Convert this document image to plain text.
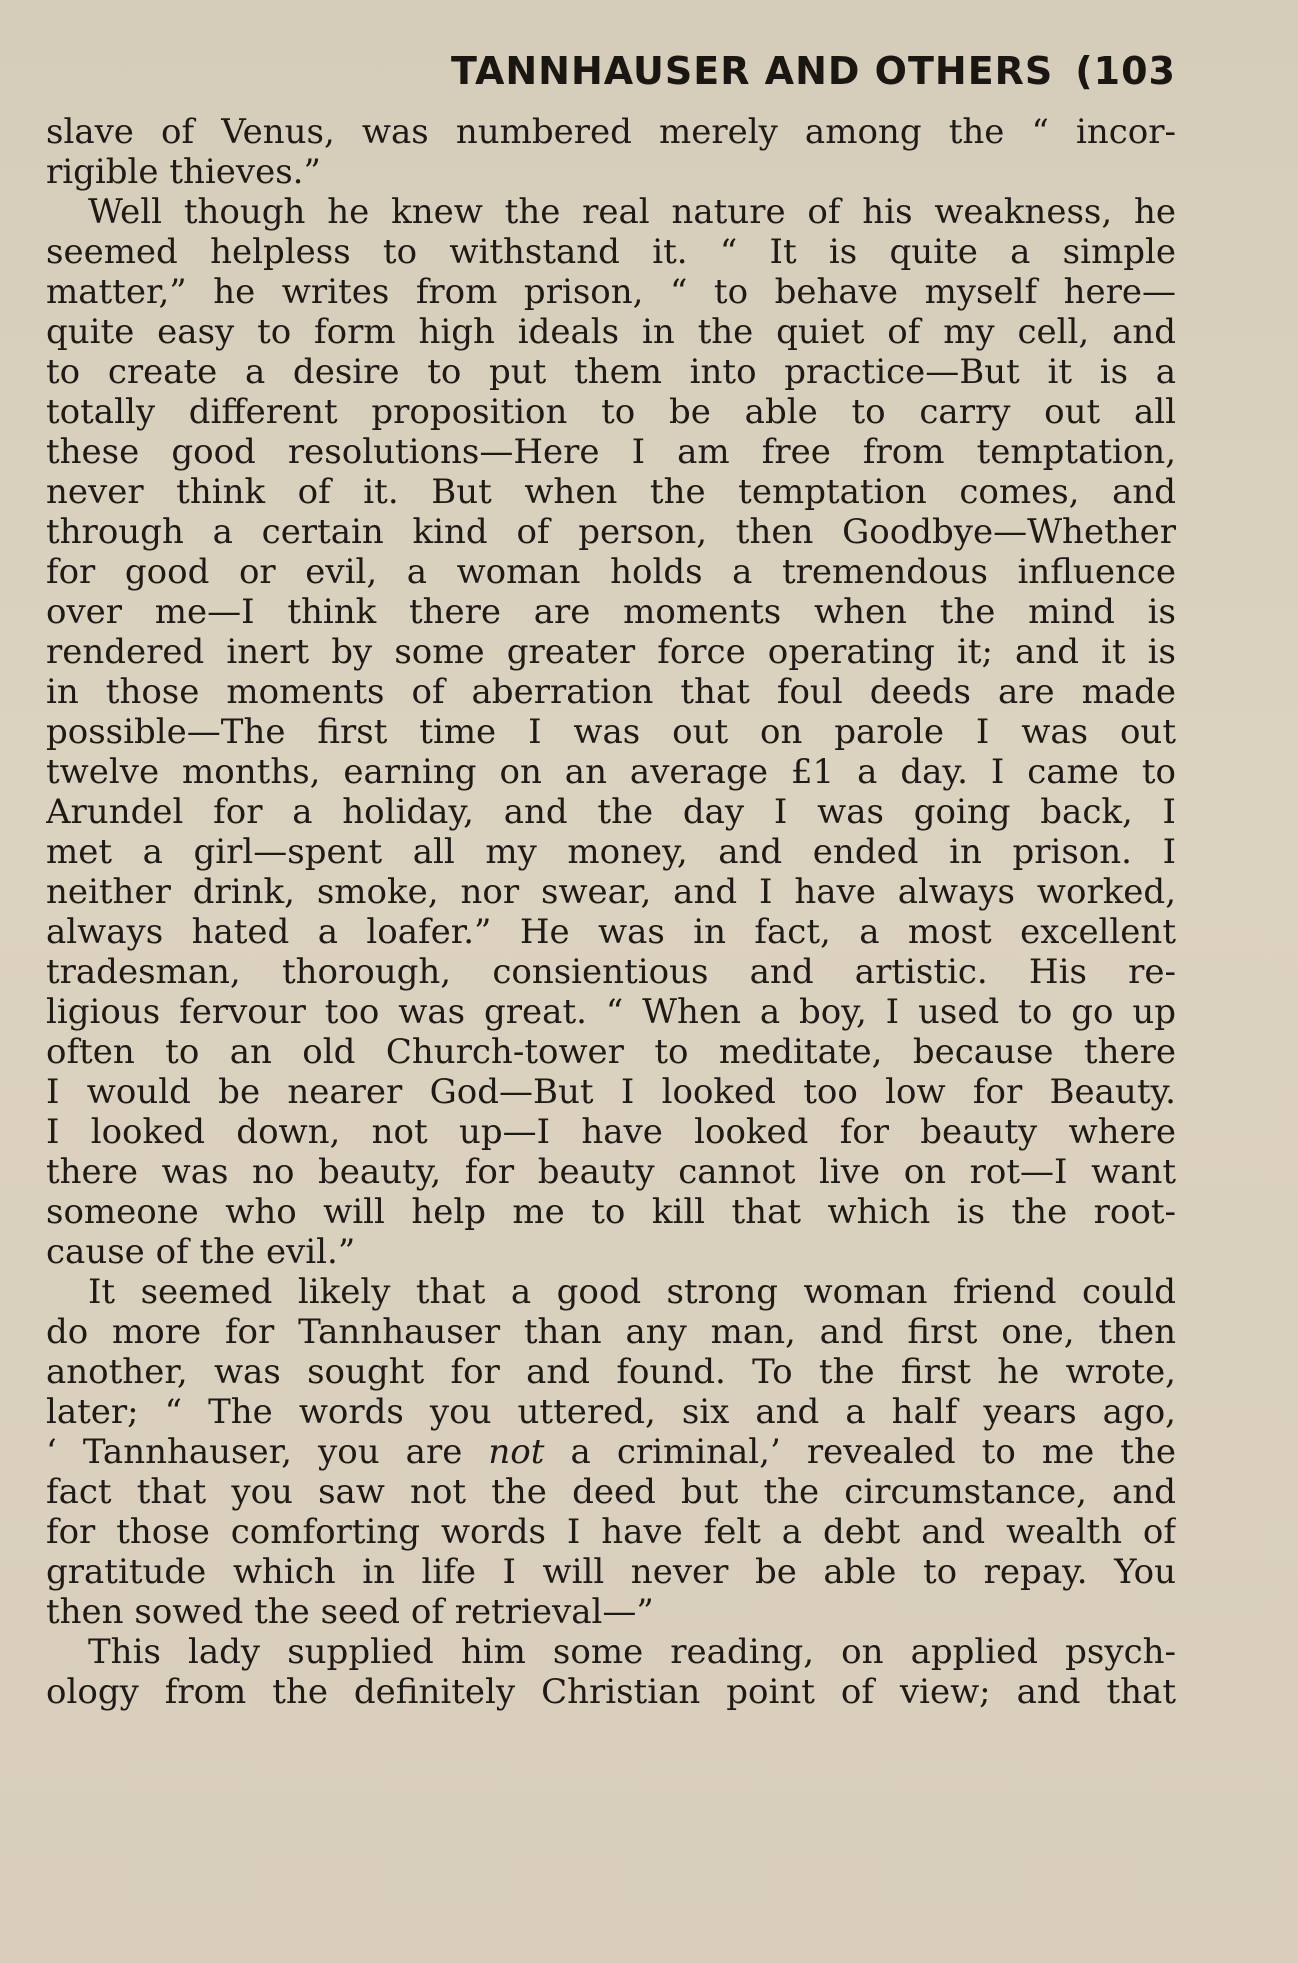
TANNHAUSER AND OTHERS (103
slave of Venus, was numbered merely among the “ incor-
rigible thieves.”
Well though he knew the real nature of his weakness, he
seemed helpless to withstand it. “ It is quite a simple
matter,” he writes from prison, “ to behave myself here—
quite easy to form high ideals in the quiet of my cell, and
to create a desire to put them into practice—But it is a
totally different proposition to be able to carry out all
these good resolutions—Here I am free from temptation,
never think of it. But when the temptation comes, and
through a certain kind of person, then Goodbye—Whether
for good or evil, a woman holds a tremendous influence
over me—I think there are moments when the mind is
rendered inert by some greater force operating it; and it is
in those moments of aberration that foul deeds are made
possible—The first time I was out on parole I was out
twelve months, earning on an average £1 a day. I came to
Arundel for a holiday, and the day I was going back, I
met a girl—spent all my money, and ended in prison. I
neither drink, smoke, nor swear, and I have always worked,
always hated a loafer.” He was in fact, a most excellent
tradesman, thorough, consientious and artistic. His re-
ligious fervour too was great. “ When a boy, I used to go up
often to an old Church-tower to meditate, because there
I would be nearer God—But I looked too low for Beauty.
I looked down, not up—I have looked for beauty where
there was no beauty, for beauty cannot live on rot—I want
someone who will help me to kill that which is the root-
cause of the evil.”
It seemed likely that a good strong woman friend could
do more for Tannhauser than any man, and first one, then
another, was sought for and found. To the first he wrote,
later; “ The words you uttered, six and a half years ago,
‘ Tannhauser, you are not a criminal,’ revealed to me the
fact that you saw not the deed but the circumstance, and
for those comforting words I have felt a debt and wealth of
gratitude which in life I will never be able to repay. You
then sowed the seed of retrieval—”
This lady supplied him some reading, on applied psych-
ology from the definitely Christian point of view; and that
